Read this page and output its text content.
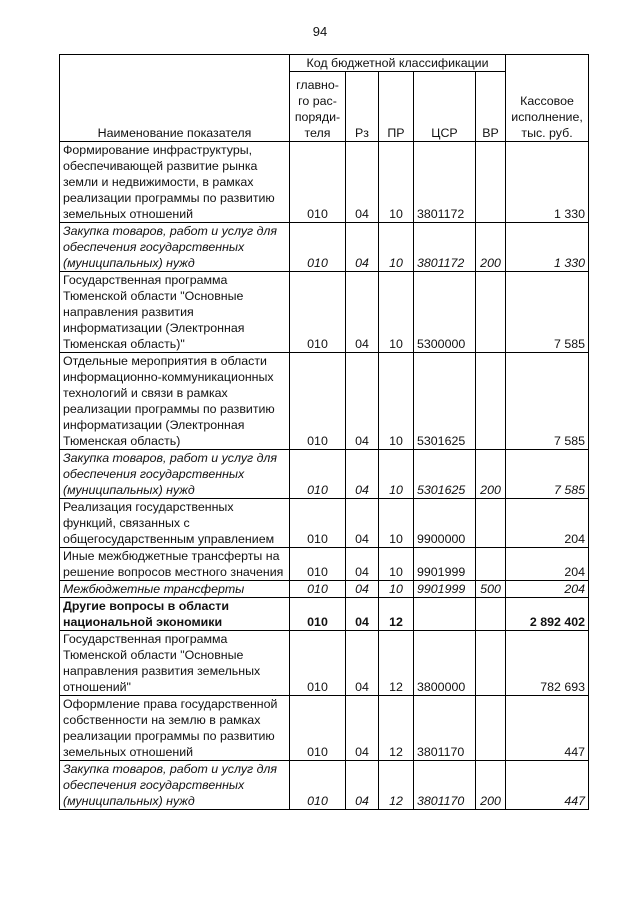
94
Наименование показателя	Код бюджетной классификации					Кассовое исполнение, тыс. руб.
	главно-го рас-поряди-теля	Рз	ПР	ЦСР	ВР	
Формирование инфраструктуры, обеспечивающей развитие рынка земли и недвижимости, в рамках реализации программы по развитию земельных отношений	010	04	10	3801172		1 330
Закупка товаров, работ и услуг для обеспечения государственных (муниципальных) нужд	010	04	10	3801172	200	1 330
Государственная программа Тюменской области "Основные направления развития информатизации (Электронная Тюменская область)"	010	04	10	5300000		7 585
Отдельные мероприятия в области информационно-коммуникационных технологий и связи в рамках реализации программы по развитию информатизации (Электронная Тюменская область)	010	04	10	5301625		7 585
Закупка товаров, работ и услуг для обеспечения государственных (муниципальных) нужд	010	04	10	5301625	200	7 585
Реализация государственных функций, связанных с общегосударственным управлением	010	04	10	9900000		204
Иные межбюджетные трансферты на решение вопросов местного значения	010	04	10	9901999		204
Межбюджетные трансферты	010	04	10	9901999	500	204
Другие вопросы в области национальной экономики	010	04	12			2 892 402
Государственная программа Тюменской области "Основные направления развития земельных отношений"	010	04	12	3800000		782 693
Оформление права государственной собственности на землю в рамках реализации программы по развитию земельных отношений	010	04	12	3801170		447
Закупка товаров, работ и услуг для обеспечения государственных (муниципальных) нужд	010	04	12	3801170	200	447
